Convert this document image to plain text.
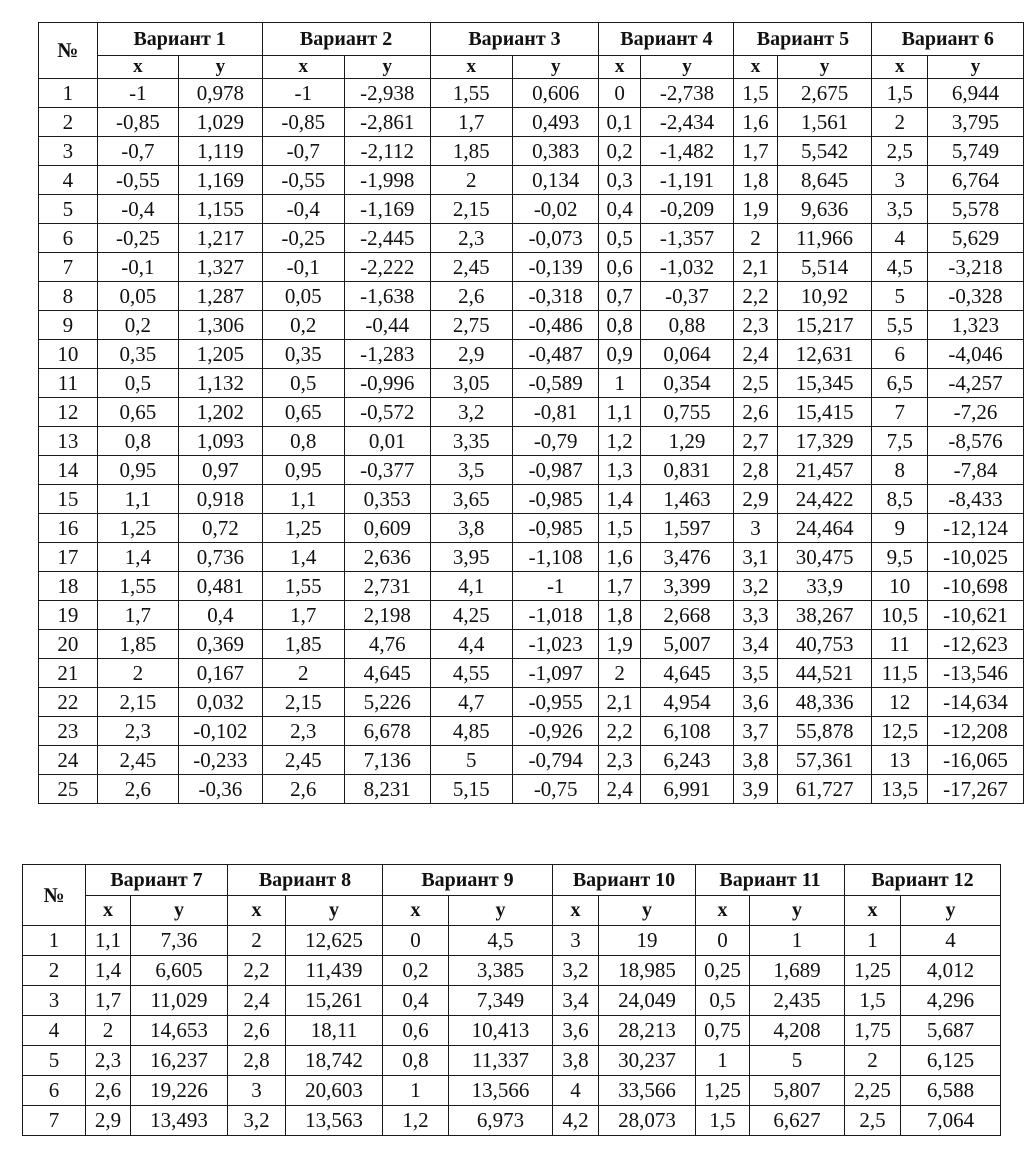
№	Вариант 1		Вариант 2		Вариант 3		Вариант 4		Вариант 5		Вариант 6	
	x	y	x	y	x	y	x	y	x	y	x	y
1	-1	0,978	-1	-2,938	1,55	0,606	0	-2,738	1,5	2,675	1,5	6,944
2	-0,85	1,029	-0,85	-2,861	1,7	0,493	0,1	-2,434	1,6	1,561	2	3,795
3	-0,7	1,119	-0,7	-2,112	1,85	0,383	0,2	-1,482	1,7	5,542	2,5	5,749
4	-0,55	1,169	-0,55	-1,998	2	0,134	0,3	-1,191	1,8	8,645	3	6,764
5	-0,4	1,155	-0,4	-1,169	2,15	-0,02	0,4	-0,209	1,9	9,636	3,5	5,578
6	-0,25	1,217	-0,25	-2,445	2,3	-0,073	0,5	-1,357	2	11,966	4	5,629
7	-0,1	1,327	-0,1	-2,222	2,45	-0,139	0,6	-1,032	2,1	5,514	4,5	-3,218
8	0,05	1,287	0,05	-1,638	2,6	-0,318	0,7	-0,37	2,2	10,92	5	-0,328
9	0,2	1,306	0,2	-0,44	2,75	-0,486	0,8	0,88	2,3	15,217	5,5	1,323
10	0,35	1,205	0,35	-1,283	2,9	-0,487	0,9	0,064	2,4	12,631	6	-4,046
11	0,5	1,132	0,5	-0,996	3,05	-0,589	1	0,354	2,5	15,345	6,5	-4,257
12	0,65	1,202	0,65	-0,572	3,2	-0,81	1,1	0,755	2,6	15,415	7	-7,26
13	0,8	1,093	0,8	0,01	3,35	-0,79	1,2	1,29	2,7	17,329	7,5	-8,576
14	0,95	0,97	0,95	-0,377	3,5	-0,987	1,3	0,831	2,8	21,457	8	-7,84
15	1,1	0,918	1,1	0,353	3,65	-0,985	1,4	1,463	2,9	24,422	8,5	-8,433
16	1,25	0,72	1,25	0,609	3,8	-0,985	1,5	1,597	3	24,464	9	-12,124
17	1,4	0,736	1,4	2,636	3,95	-1,108	1,6	3,476	3,1	30,475	9,5	-10,025
18	1,55	0,481	1,55	2,731	4,1	-1	1,7	3,399	3,2	33,9	10	-10,698
19	1,7	0,4	1,7	2,198	4,25	-1,018	1,8	2,668	3,3	38,267	10,5	-10,621
20	1,85	0,369	1,85	4,76	4,4	-1,023	1,9	5,007	3,4	40,753	11	-12,623
21	2	0,167	2	4,645	4,55	-1,097	2	4,645	3,5	44,521	11,5	-13,546
22	2,15	0,032	2,15	5,226	4,7	-0,955	2,1	4,954	3,6	48,336	12	-14,634
23	2,3	-0,102	2,3	6,678	4,85	-0,926	2,2	6,108	3,7	55,878	12,5	-12,208
24	2,45	-0,233	2,45	7,136	5	-0,794	2,3	6,243	3,8	57,361	13	-16,065
25	2,6	-0,36	2,6	8,231	5,15	-0,75	2,4	6,991	3,9	61,727	13,5	-17,267
№	Вариант 7		Вариант 8		Вариант 9		Вариант 10		Вариант 11		Вариант 12	
	x	y	x	y	x	y	x	y	x	y	x	y
1	1,1	7,36	2	12,625	0	4,5	3	19	0	1	1	4
2	1,4	6,605	2,2	11,439	0,2	3,385	3,2	18,985	0,25	1,689	1,25	4,012
3	1,7	11,029	2,4	15,261	0,4	7,349	3,4	24,049	0,5	2,435	1,5	4,296
4	2	14,653	2,6	18,11	0,6	10,413	3,6	28,213	0,75	4,208	1,75	5,687
5	2,3	16,237	2,8	18,742	0,8	11,337	3,8	30,237	1	5	2	6,125
6	2,6	19,226	3	20,603	1	13,566	4	33,566	1,25	5,807	2,25	6,588
7	2,9	13,493	3,2	13,563	1,2	6,973	4,2	28,073	1,5	6,627	2,5	7,064
